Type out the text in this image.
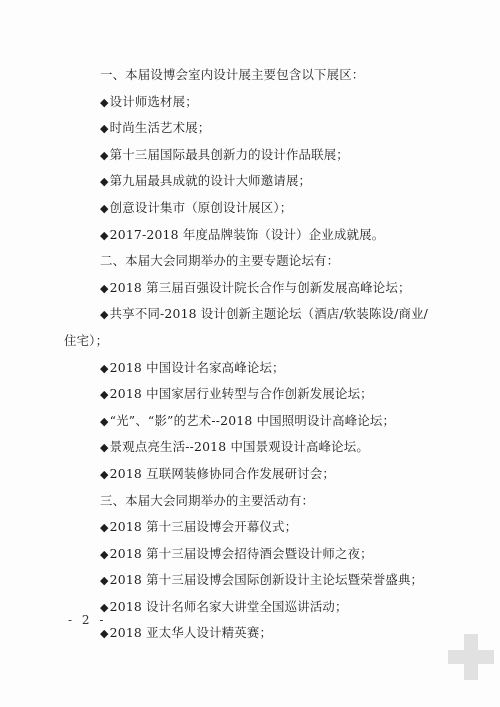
一、本届设博会室内设计展主要包含以下展区：
◆设计师选材展；
◆时尚生活艺术展；
◆第十三届国际最具创新力的设计作品联展；
◆第九届最具成就的设计大师邀请展；
◆创意设计集市（原创设计展区）；
◆2017-2018 年度品牌装饰（设计）企业成就展。
二、本届大会同期举办的主要专题论坛有：
◆2018 第三届百强设计院长合作与创新发展高峰论坛；
◆共享不同-2018 设计创新主题论坛（酒店/软装陈设/商业/
住宅）；
◆2018 中国设计名家高峰论坛；
◆2018 中国家居行业转型与合作创新发展论坛；
◆“光”、“影”的艺术--2018 中国照明设计高峰论坛；
◆景观点亮生活--2018 中国景观设计高峰论坛。
◆2018 互联网装修协同合作发展研讨会；
三、本届大会同期举办的主要活动有：
◆2018 第十三届设博会开幕仪式；
◆2018 第十三届设博会招待酒会暨设计师之夜；
◆2018 第十三届设博会国际创新设计主论坛暨荣誉盛典；
◆2018 设计名师名家大讲堂全国巡讲活动；
◆2018 亚太华人设计精英赛；
- 2 -
